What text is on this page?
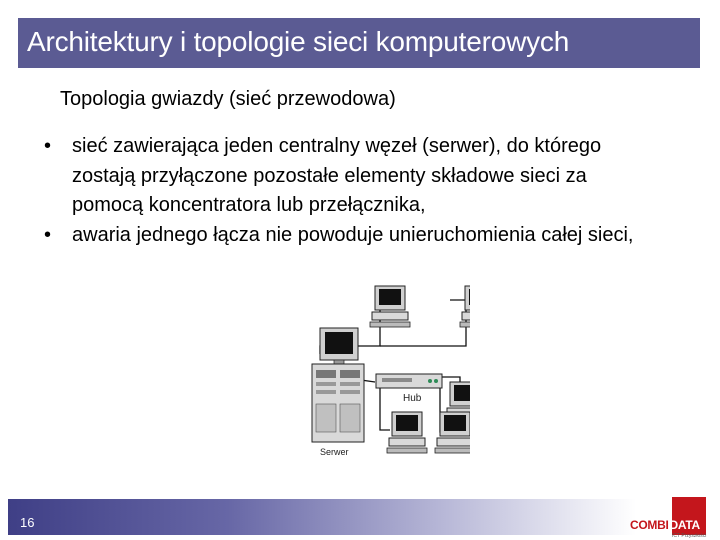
Architektury i topologie sieci komputerowych
Topologia gwiazdy (sieć przewodowa)
• sieć zawierająca jeden centralny węzeł (serwer), do którego zostają przyłączone pozostałe elementy składowe sieci za pomocą koncentratora lub przełącznika,
• awaria jednego łącza nie powoduje unieruchomienia całej sieci,
Hub
Serwer
16	COMBIDATA
ICT Przyszłości
